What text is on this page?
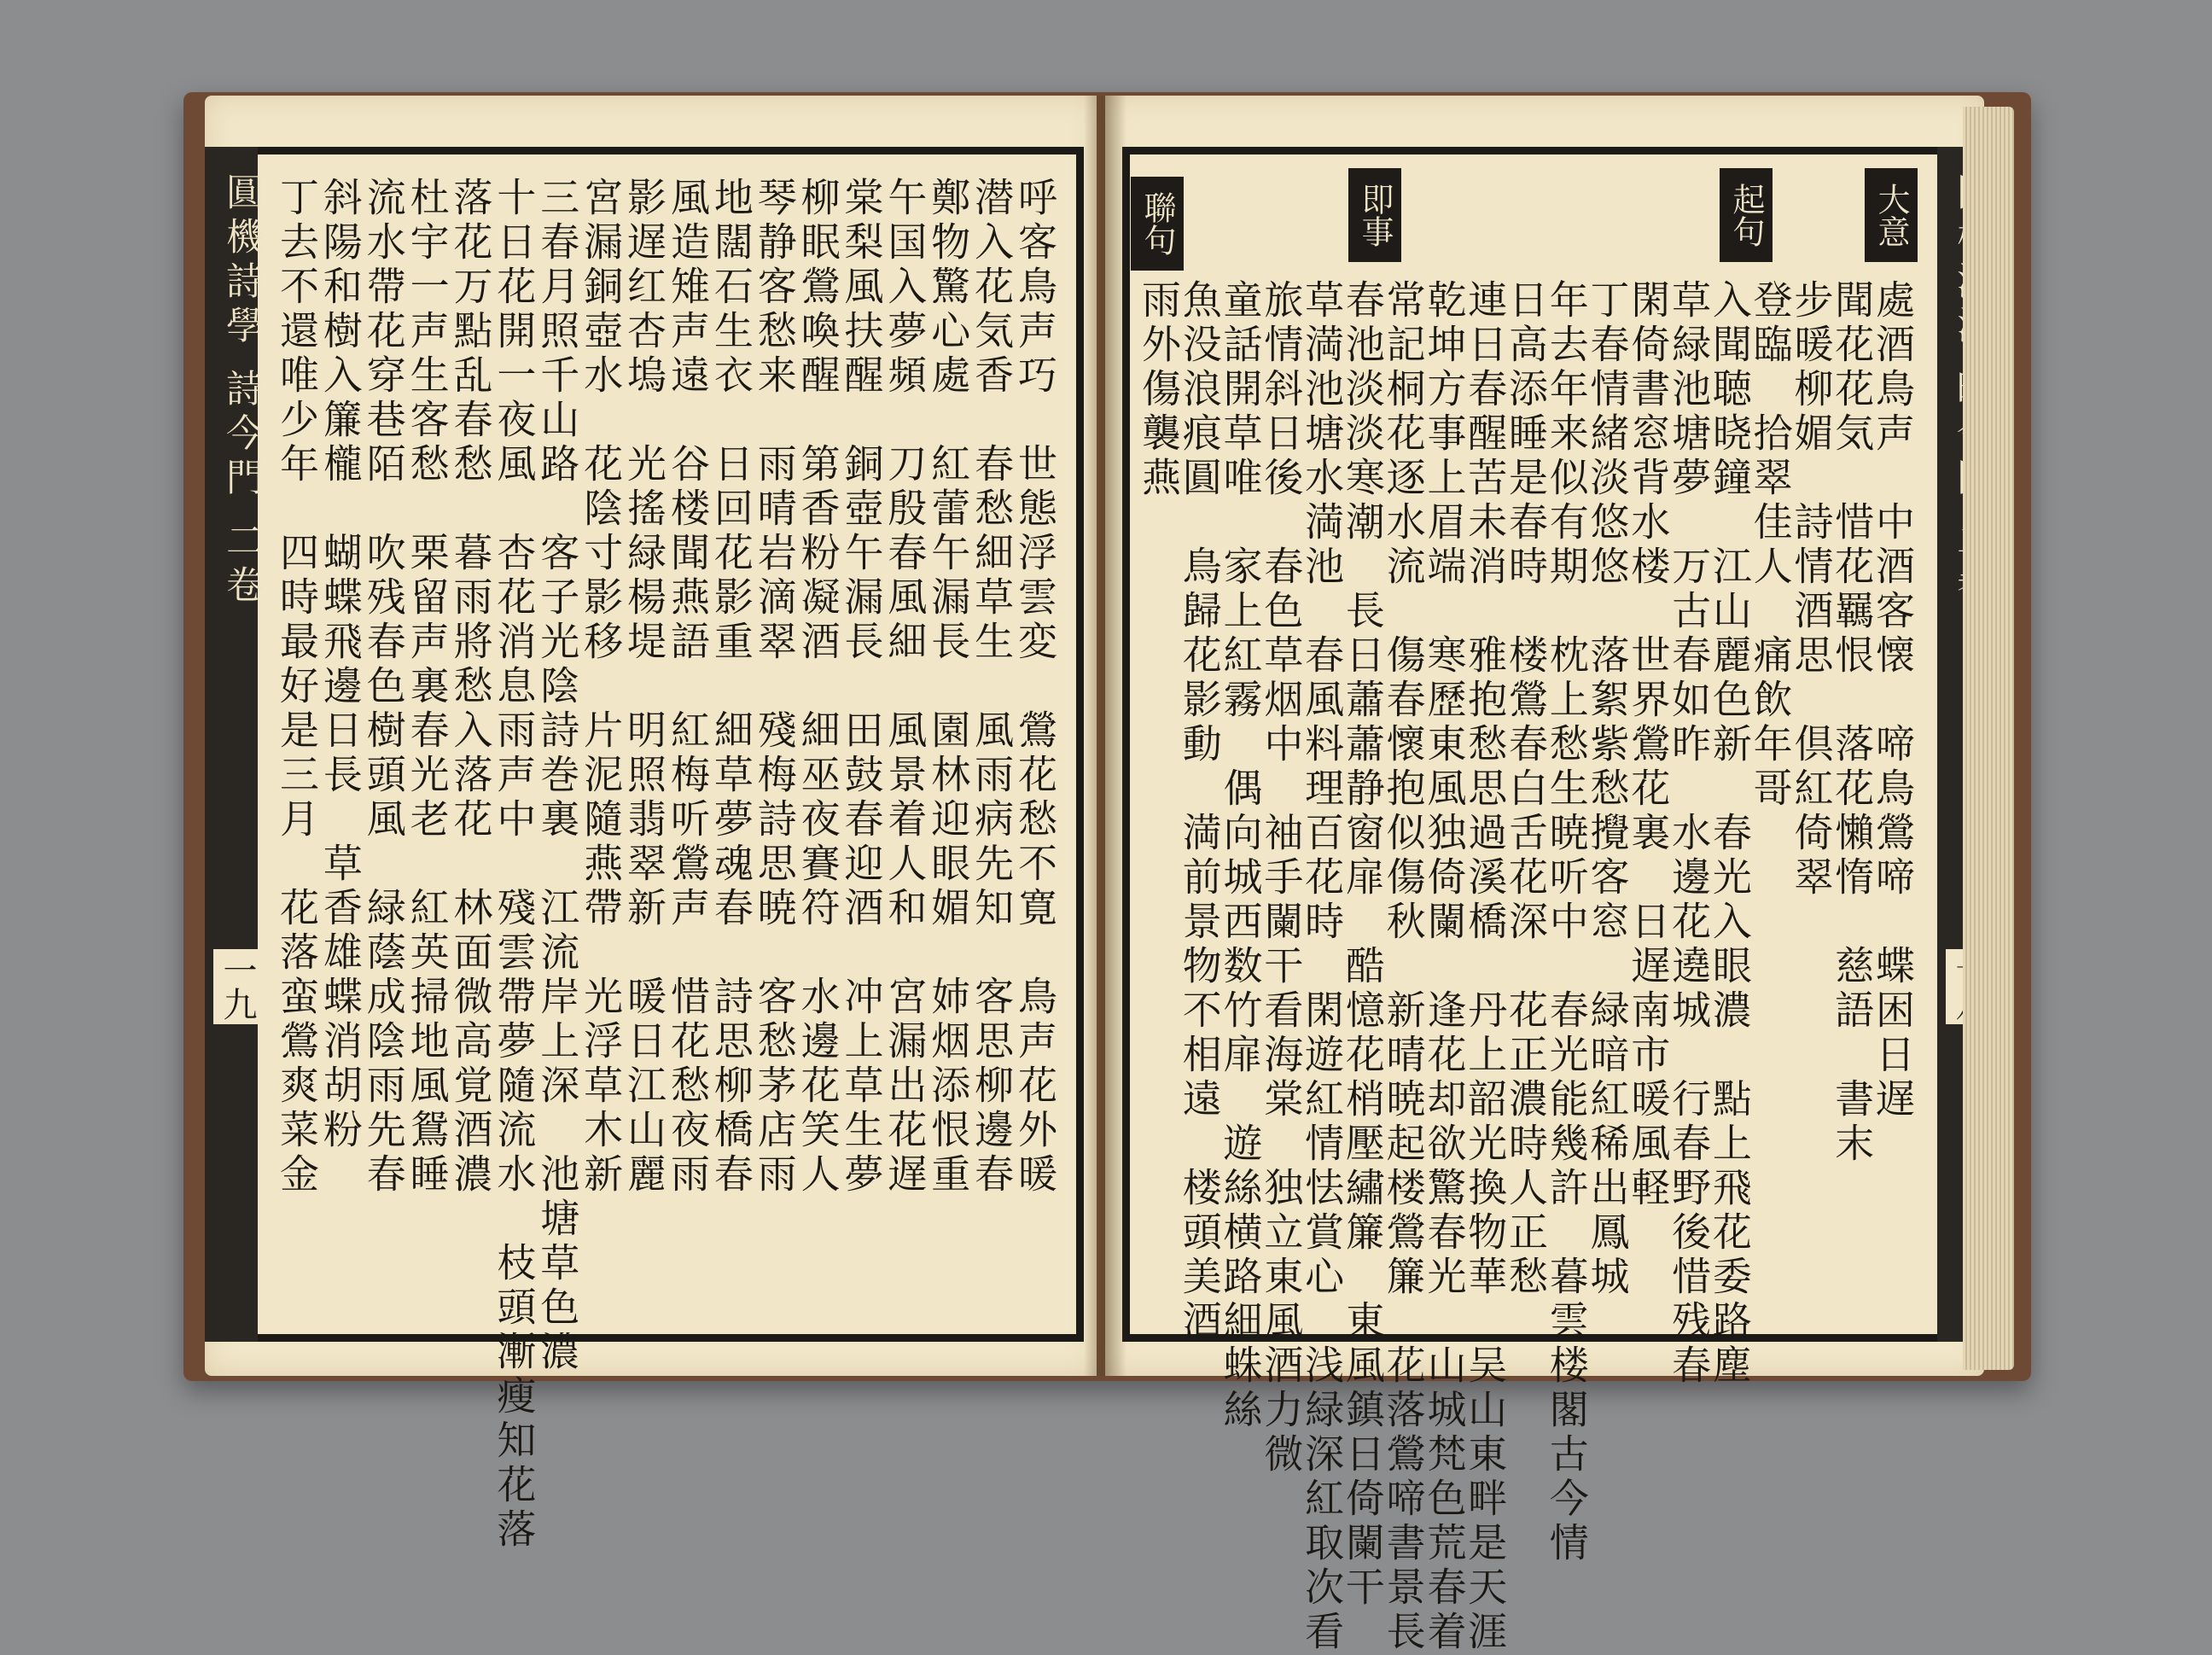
圓機詩學 詩今門 二卷
一九	呼客鳥声巧　世態浮雲変　鶯花愁不寛　鳥声花外暖
潜入花気香　春愁細草生　風雨病先知　客思柳邊春
鄭物驚心處　紅蕾午漏長　園林迎眼媚　姉烟添恨重
午国入夢頻　刀殷春風細　風景着人和　宮漏出花遅
棠梨風扶醒　銅壺午漏長　田鼓春迎酒　冲上草生夢
柳眠鶯喚醒　第香粉凝酒　細巫夜賽符　水邊花笑人
琴静客愁来　雨晴岩滴翠　殘梅詩思暁　客愁茅店雨
地闊石生衣　日回花影重　細草夢魂春　詩思柳橋春
風造雉声遠　谷楼聞燕語　紅梅听鶯声　惜花愁夜雨
影遅红杏塢　光搖緑楊堤　明照翡翠新　暖日江山麗
宮漏銅壺水　花陰寸影移　片泥隨燕帶　光浮草木新
三春月照千山路　客子光陰詩巻裏　江流岸上深　池塘草色濃
十日花開一夜風　杏花消息雨声中　殘雲帶夢隨流水　枝頭漸瘦知花落
落花万點乱春愁　暮雨將愁入落花　林面微高覚酒濃
杜宇一声生客愁　栗留声裏春光老　紅英掃地風鴛睡
流水帶花穿巷陌　吹残春色樹頭風　緑蔭成陰雨先春
斜陽和樹入簾櫳　蝴蝶飛邊日長　草香雄蝶消胡粉
丁去不還唯少年　四時最好是三月　花落蛮鶯爽菜金	大意
起句
即事
聯句
處酒鳥声　中酒客懐　啼鳥鶯啼　蝶困日遅
聞花花気　惜花羈恨　落花懶惰　慈語　書末
步暖柳媚　詩情酒思　倶紅倚翠
登臨　拾翠佳人　痛飲年哥
入聞聴晓鐘　江山麗色新　春光入眼濃　點上飛花委路塵
草緑池塘夢　万古春如昨　水邊花遶城　行春野後惜残春
閑倚書窓背水楼　世界鶯花裏　日遅南市暖風軽
丁春情緒淡悠悠　落絮紫愁攪客窓　緑暗紅稀出鳳城
年去年来似有期　枕上愁生暁听中　春光能幾許　暮雲楼閣古今情
日高添睡是春時　楼鶯春白舌花深　花正濃時人正愁
連日春醒苦未消　雅抱愁思過溪橋　丹上韶光換物華　吴山東畔是天涯
乾坤方事上眉端　寒歷東風独倚闌　逢花却欲驚春光　山城梵色荒春着
常記桐花逐水流　傷春懷抱似傷秋　新晴暁起楼鶯簾　花落鶯啼書景長
春池淡淡寒潮　長日蕭蕭静窗扉　酷憶花梢壓繡簾　東風鎮日倚闌干
草満池塘水満池　春風料理百花時　閑遊紅情怯賞心　浅緑深紅取次看
旅情斜日後　春色草烟中　袖手闌干看海棠　独立東風酒力微
童話開草唯　家上紅霧　偶向城西数竹扉　遊絲横路細蛛絲
魚没浪痕圓　鳥歸花影動　満前景物不相遠　楼頭美酒
雨外傷襲燕
